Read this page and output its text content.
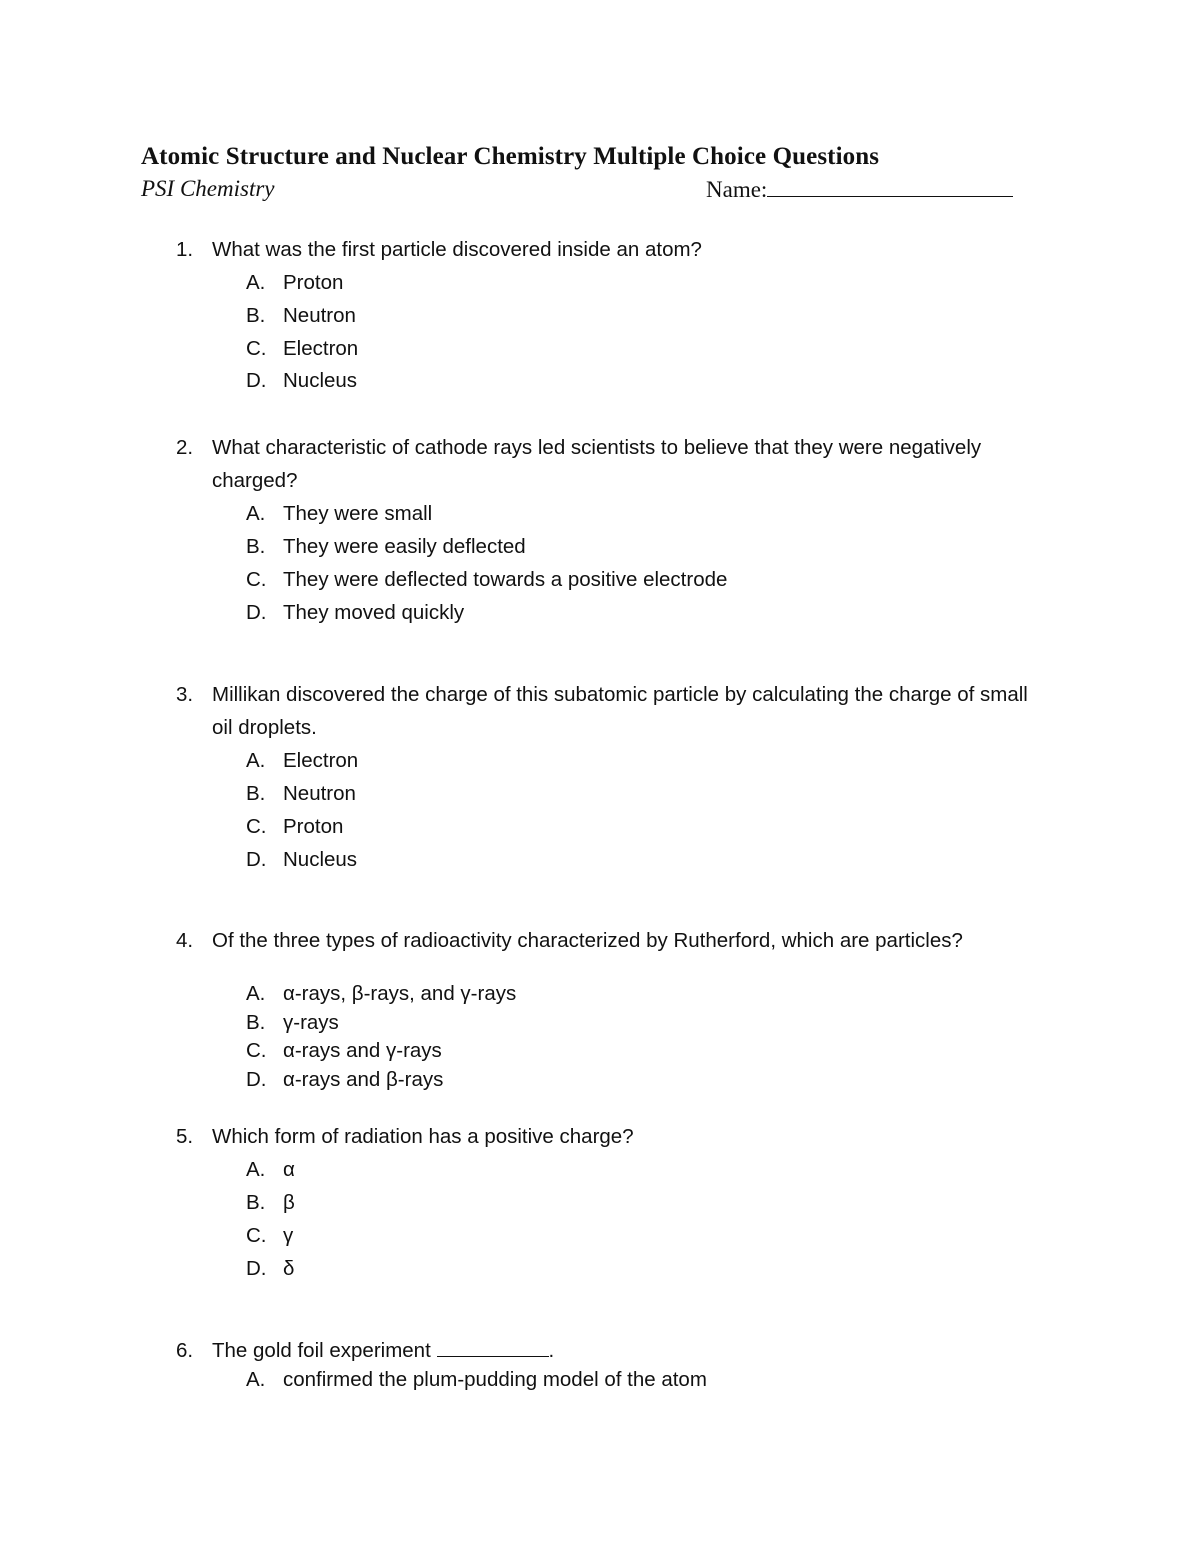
Atomic Structure and Nuclear Chemistry Multiple Choice Questions
PSI Chemistry	Name:
1. What was the first particle discovered inside an atom?
A. Proton
B. Neutron
C. Electron
D. Nucleus
2. What characteristic of cathode rays led scientists to believe that they were negatively charged?
A. They were small
B. They were easily deflected
C. They were deflected towards a positive electrode
D. They moved quickly
3. Millikan discovered the charge of this subatomic particle by calculating the charge of small oil droplets.
A. Electron
B. Neutron
C. Proton
D. Nucleus
4. Of the three types of radioactivity characterized by Rutherford, which are particles?
A. α-rays, β-rays, and γ-rays
B. γ-rays
C. α-rays and γ-rays
D. α-rays and β-rays
5. Which form of radiation has a positive charge?
A. α
B. β
C. γ
D. δ
6. The gold foil experiment	.
A. confirmed the plum-pudding model of the atom
